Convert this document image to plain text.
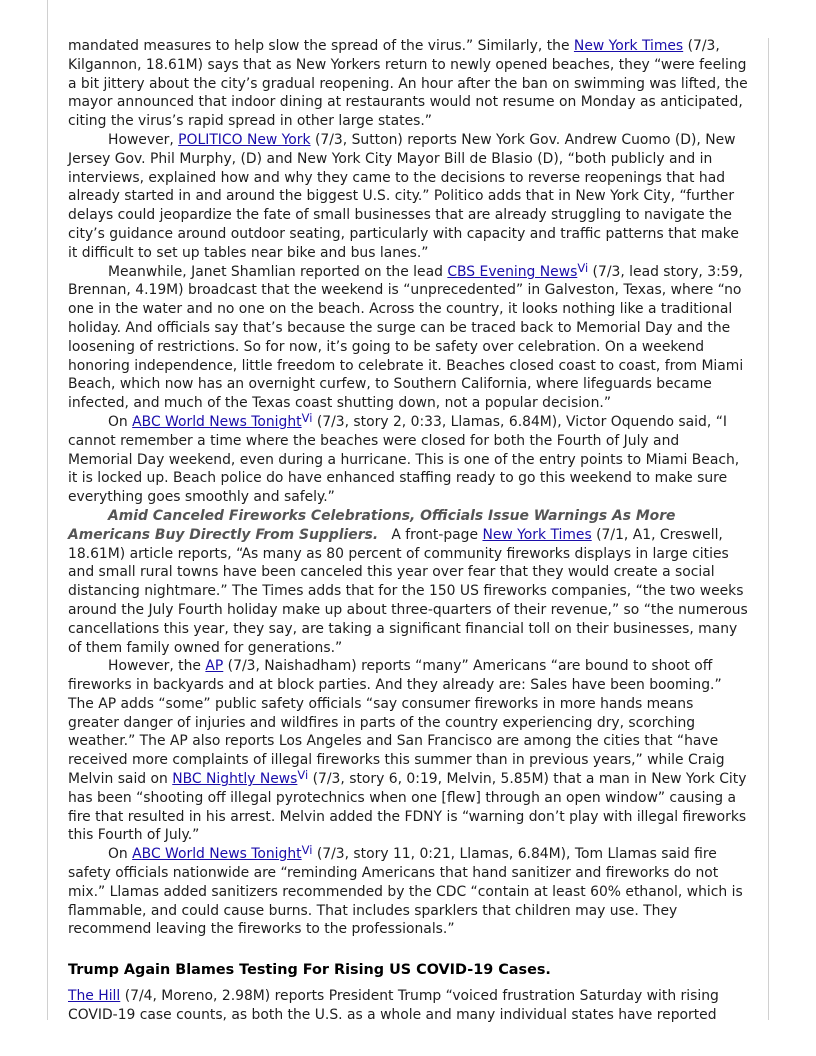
mandated measures to help slow the spread of the virus.” Similarly, the New York Times (7/3, Kilgannon, 18.61M) says that as New Yorkers return to newly opened beaches, they “were feeling a bit jittery about the city’s gradual reopening. An hour after the ban on swimming was lifted, the mayor announced that indoor dining at restaurants would not resume on Monday as anticipated, citing the virus’s rapid spread in other large states.”

However, POLITICO New York (7/3, Sutton) reports New York Gov. Andrew Cuomo (D), New Jersey Gov. Phil Murphy, (D) and New York City Mayor Bill de Blasio (D), “both publicly and in interviews, explained how and why they came to the decisions to reverse reopenings that had already started in and around the biggest U.S. city.” Politico adds that in New York City, “further delays could jeopardize the fate of small businesses that are already struggling to navigate the city’s guidance around outdoor seating, particularly with capacity and traffic patterns that make it difficult to set up tables near bike and bus lanes.”

Meanwhile, Janet Shamlian reported on the lead CBS Evening News$^{Vi}$ (7/3, lead story, 3:59, Brennan, 4.19M) broadcast that the weekend is “unprecedented” in Galveston, Texas, where “no one in the water and no one on the beach. Across the country, it looks nothing like a traditional holiday. And officials say that’s because the surge can be traced back to Memorial Day and the loosening of restrictions. So for now, it’s going to be safety over celebration. On a weekend honoring independence, little freedom to celebrate it. Beaches closed coast to coast, from Miami Beach, which now has an overnight curfew, to Southern California, where lifeguards became infected, and much of the Texas coast shutting down, not a popular decision.”

On ABC World News Tonight$^{Vi}$ (7/3, story 2, 0:33, Llamas, 6.84M), Victor Oquendo said, “I cannot remember a time where the beaches were closed for both the Fourth of July and Memorial Day weekend, even during a hurricane. This is one of the entry points to Miami Beach, it is locked up. Beach police do have enhanced staffing ready to go this weekend to make sure everything goes smoothly and safely.”

Amid Canceled Fireworks Celebrations, Officials Issue Warnings As More Americans Buy Directly From Suppliers.   A front-page New York Times (7/1, A1, Creswell, 18.61M) article reports, “As many as 80 percent of community fireworks displays in large cities and small rural towns have been canceled this year over fear that they would create a social distancing nightmare.” The Times adds that for the 150 US fireworks companies, “the two weeks around the July Fourth holiday make up about three-quarters of their revenue,” so “the numerous cancellations this year, they say, are taking a significant financial toll on their businesses, many of them family owned for generations.”

However, the AP (7/3, Naishadham) reports “many” Americans “are bound to shoot off fireworks in backyards and at block parties. And they already are: Sales have been booming.” The AP adds “some” public safety officials “say consumer fireworks in more hands means greater danger of injuries and wildfires in parts of the country experiencing dry, scorching weather.” The AP also reports Los Angeles and San Francisco are among the cities that “have received more complaints of illegal fireworks this summer than in previous years,” while Craig Melvin said on NBC Nightly News$^{Vi}$ (7/3, story 6, 0:19, Melvin, 5.85M) that a man in New York City has been “shooting off illegal pyrotechnics when one [flew] through an open window” causing a fire that resulted in his arrest. Melvin added the FDNY is “warning don’t play with illegal fireworks this Fourth of July.”

On ABC World News Tonight$^{Vi}$ (7/3, story 11, 0:21, Llamas, 6.84M), Tom Llamas said fire safety officials nationwide are “reminding Americans that hand sanitizer and fireworks do not mix.” Llamas added sanitizers recommended by the CDC “contain at least 60% ethanol, which is flammable, and could cause burns. That includes sparklers that children may use. They recommend leaving the fireworks to the professionals.”

Trump Again Blames Testing For Rising US COVID-19 Cases.

The Hill (7/4, Moreno, 2.98M) reports President Trump “voiced frustration Saturday with rising COVID-19 case counts, as both the U.S. as a whole and many individual states have reported
